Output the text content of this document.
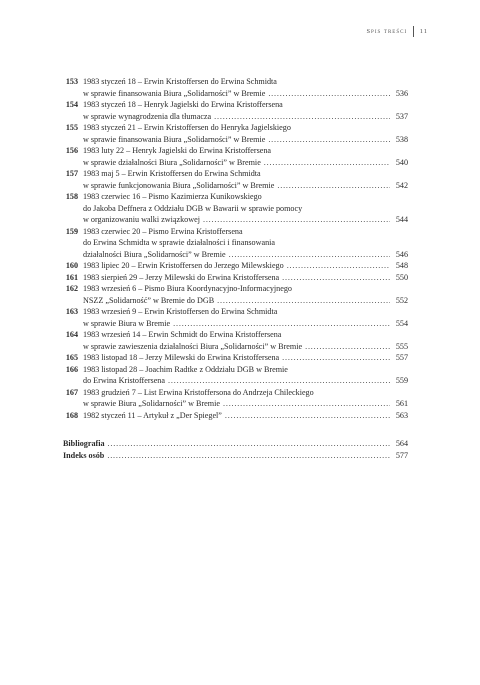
Spis treści 11
153 1983 styczeń 18 – Erwin Kristoffersen do Erwina Schmidta
w sprawie finansowania Biura „Solidarności” w Bremie . . .	536
154 1983 styczeń 18 – Henryk Jagielski do Erwina Kristoffersena
w sprawie wynagrodzenia dla tłumacza . . .	537
155 1983 styczeń 21 – Erwin Kristoffersen do Henryka Jagielskiego
w sprawie finansowania Biura „Solidarności” w Bremie . . .	538
156 1983 luty 22 – Henryk Jagielski do Erwina Kristoffersena
w sprawie działalności Biura „Solidarności” w Bremie . . .	540
157 1983 maj 5 – Erwin Kristoffersen do Erwina Schmidta
w sprawie funkcjonowania Biura „Solidarności” w Bremie . . .	542
158 1983 czerwiec 16 – Pismo Kazimierza Kunikowskiego
do Jakoba Deffnera z Oddziału DGB w Bawarii w sprawie pomocy
w organizowaniu walki związkowej . . .	544
159 1983 czerwiec 20 – Pismo Erwina Kristoffersena
do Erwina Schmidta w sprawie działalności i finansowania
działalności Biura „Solidarności” w Bremie . . .	546
160 1983 lipiec 20 – Erwin Kristoffersen do Jerzego Milewskiego . . .	548
161 1983 sierpień 29 – Jerzy Milewski do Erwina Kristoffersena . . .	550
162 1983 wrzesień 6 – Pismo Biura Koordynacyjno-Informacyjnego
NSZZ „Solidarność” w Bremie do DGB . . .	552
163 1983 wrzesień 9 – Erwin Kristoffersen do Erwina Schmidta
w sprawie Biura w Bremie . . .	554
164 1983 wrzesień 14 – Erwin Schmidt do Erwina Kristoffersena
w sprawie zawieszenia działalności Biura „Solidarności” w Bremie . . .	555
165 1983 listopad 18 – Jerzy Milewski do Erwina Kristoffersena . . .	557
166 1983 listopad 28 – Joachim Radtke z Oddziału DGB w Bremie
do Erwina Kristoffersena . . .	559
167 1983 grudzień 7 – List Erwina Kristoffersona do Andrzeja Chileckiego
w sprawie Biura „Solidarności” w Bremie . . .	561
168 1982 styczeń 11 – Artykuł z „Der Spiegel” . . .	563
Bibliografia . . .	564
Indeks osób . . .	577
